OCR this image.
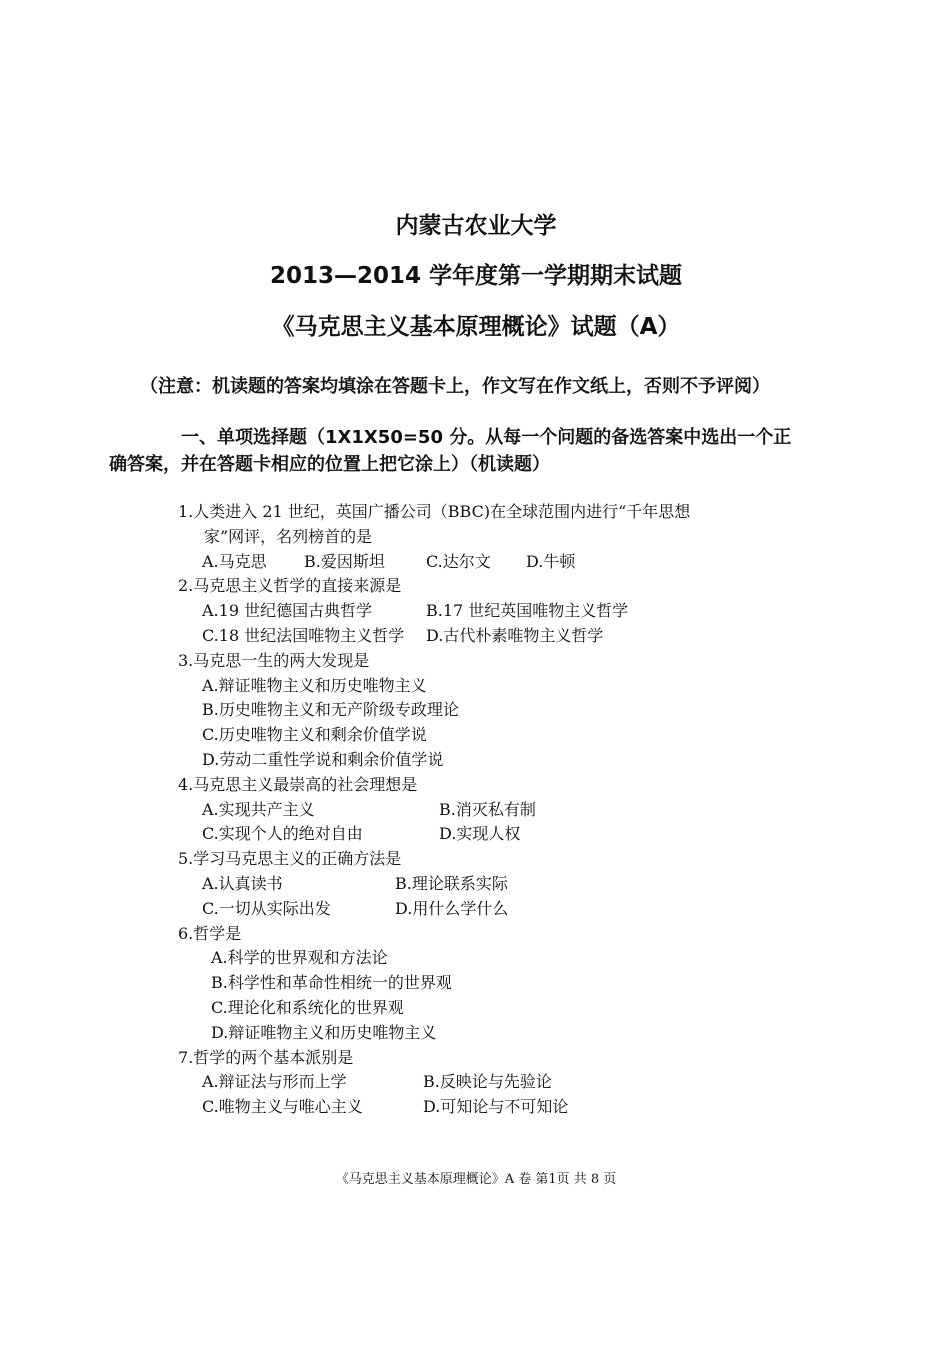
内蒙古农业大学
2013—2014 学年度第一学期期末试题
《马克思主义基本原理概论》试题（A）
（注意：机读题的答案均填涂在答题卡上，作文写在作文纸上，否则不予评阅）
一、单项选择题（1X1X50=50 分。从每一个问题的备选答案中选出一个正
确答案，并在答题卡相应的位置上把它涂上）（机读题）
1.人类进入 21 世纪，英国广播公司（BBC)在全球范围内进行“千年思想
家”网评，名列榜首的是
A.马克思	B.爱因斯坦	C.达尔文	D.牛顿
2.马克思主义哲学的直接来源是
A.19 世纪德国古典哲学	B.17 世纪英国唯物主义哲学
C.18 世纪法国唯物主义哲学	D.古代朴素唯物主义哲学
3.马克思一生的两大发现是
A.辩证唯物主义和历史唯物主义
B.历史唯物主义和无产阶级专政理论
C.历史唯物主义和剩余价值学说
D.劳动二重性学说和剩余价值学说
4.马克思主义最崇高的社会理想是
A.实现共产主义	B.消灭私有制
C.实现个人的绝对自由	D.实现人权
5.学习马克思主义的正确方法是
A.认真读书	B.理论联系实际
C.一切从实际出发	D.用什么学什么
6.哲学是
A.科学的世界观和方法论
B.科学性和革命性相统一的世界观
C.理论化和系统化的世界观
D.辩证唯物主义和历史唯物主义
7.哲学的两个基本派别是
A.辩证法与形而上学	B.反映论与先验论
C.唯物主义与唯心主义	D.可知论与不可知论
《马克思主义基本原理概论》A 卷 第1页 共 8 页
